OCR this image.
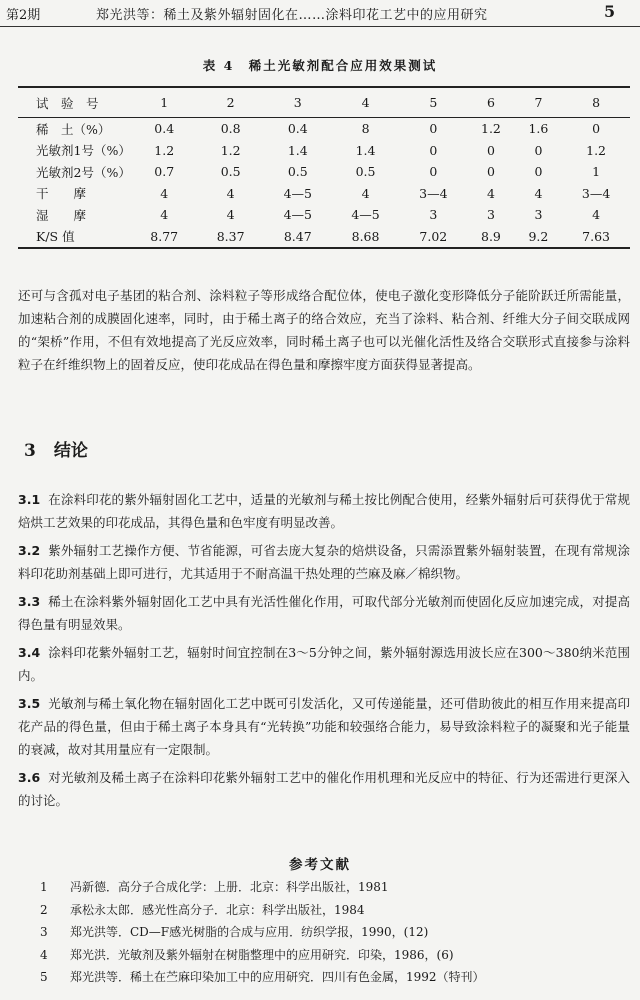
第2期	郑光洪等：稀土及紫外辐射固化在……涂料印花工艺中的应用研究	5
表 4　稀土光敏剂配合应用效果测试
试　验　号	1	2	3	4	5	6	7	8
稀　土（%）	0.4	0.8	0.4	8	0	1.2	1.6	0
光敏剂1号（%）	1.2	1.2	1.4	1.4	0	0	0	1.2
光敏剂2号（%）	0.7	0.5	0.5	0.5	0	0	0	1
干　　摩	4	4	4—5	4	3—4	4	4	3—4
湿　　摩	4	4	4—5	4—5	3	3	3	4
K/S 值	8.77	8.37	8.47	8.68	7.02	8.9	9.2	7.63
还可与含孤对电子基团的粘合剂、涂料粒子等形成络合配位体，使电子激化变形降低分子能阶跃迁所需能量，加速粘合剂的成膜固化速率，同时，由于稀土离子的络合效应，充当了涂料、粘合剂、纤维大分子间交联成网的“架桥”作用，不但有效地提高了光反应效率，同时稀土离子也可以光催化活性及络合交联形式直接参与涂料粒子在纤维织物上的固着反应，使印花成品在得色量和摩擦牢度方面获得显著提高。
3 结论

3.1 在涂料印花的紫外辐射固化工艺中，适量的光敏剂与稀土按比例配合使用，经紫外辐射后可获得优于常规焙烘工艺效果的印花成品，其得色量和色牢度有明显改善。

3.2 紫外辐射工艺操作方便、节省能源，可省去庞大复杂的焙烘设备，只需添置紫外辐射装置，在现有常规涂料印花助剂基础上即可进行，尤其适用于不耐高温干热处理的苎麻及麻／棉织物。

3.3 稀土在涂料紫外辐射固化工艺中具有光活性催化作用，可取代部分光敏剂而使固化反应加速完成，对提高得色量有明显效果。

3.4 涂料印花紫外辐射工艺，辐射时间宜控制在3～5分钟之间，紫外辐射源选用波长应在300～380纳米范围内。

3.5 光敏剂与稀土氧化物在辐射固化工艺中既可引发活化，又可传递能量，还可借助彼此的相互作用来提高印花产品的得色量，但由于稀土离子本身具有“光转换”功能和较强络合能力，易导致涂料粒子的凝聚和光子能量的衰减，故对其用量应有一定限制。

3.6 对光敏剂及稀土离子在涂料印花紫外辐射工艺中的催化作用机理和光反应中的特征、行为还需进行更深入的讨论。

参考文献
1 冯新德．高分子合成化学：上册．北京：科学出版社，1981
2 承松永太郎．感光性高分子．北京：科学出版社，1984
3 郑光洪等．CD—F感光树脂的合成与应用．纺织学报，1990，(12)
4 郑光洪．光敏剂及紫外辐射在树脂整理中的应用研究．印染，1986，(6)
5 郑光洪等．稀土在苎麻印染加工中的应用研究．四川有色金属，1992（特刊）
